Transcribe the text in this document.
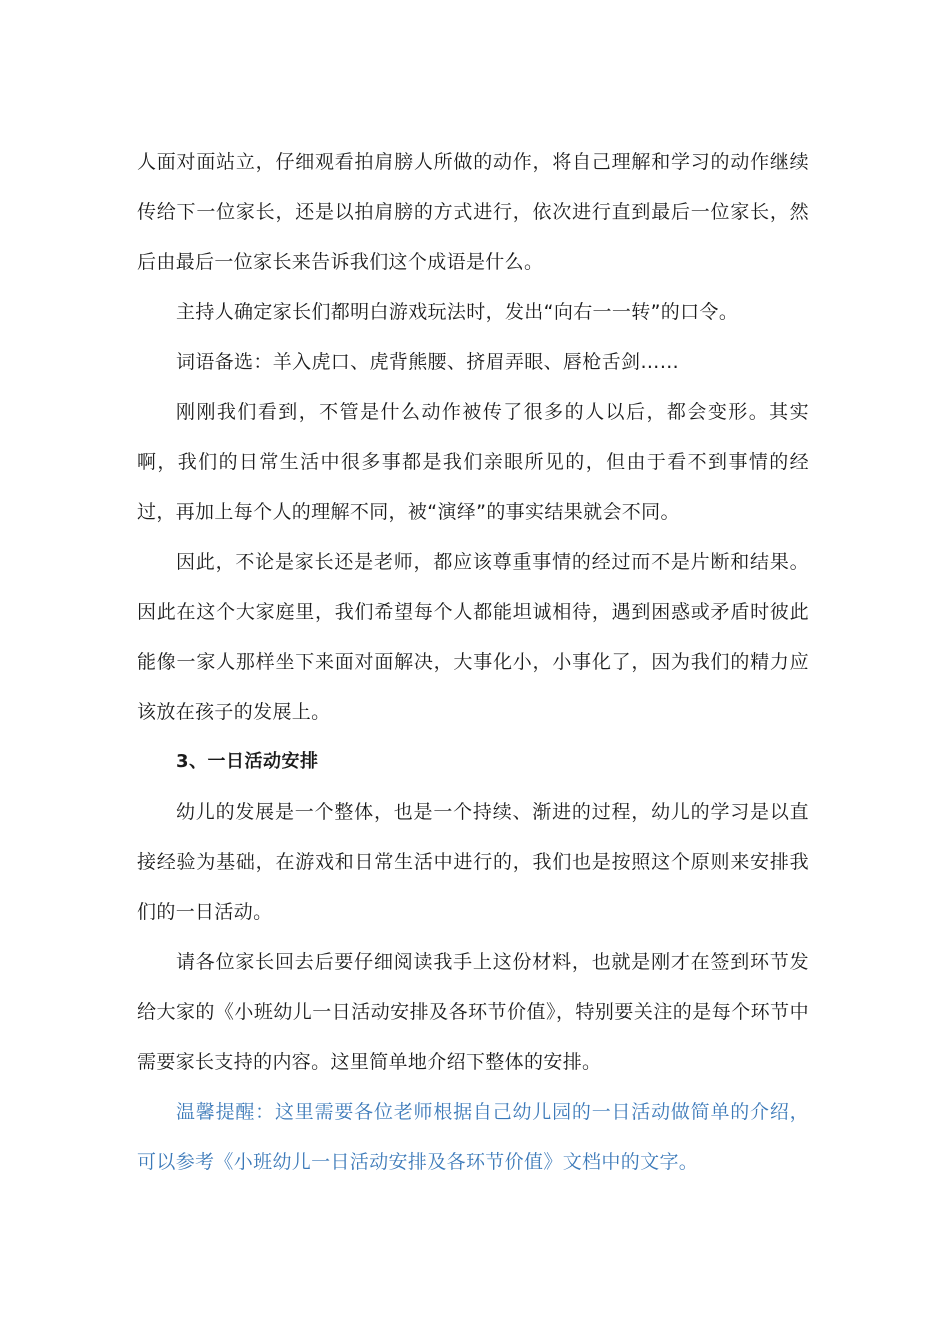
人面对面站立，仔细观看拍肩膀人所做的动作，将自己理解和学习的动作继续传给下一位家长，还是以拍肩膀的方式进行，依次进行直到最后一位家长，然后由最后一位家长来告诉我们这个成语是什么。

主持人确定家长们都明白游戏玩法时，发出“向右一一转”的口令。

词语备选：羊入虎口、虎背熊腰、挤眉弄眼、唇枪舌剑……

刚刚我们看到，不管是什么动作被传了很多的人以后，都会变形。其实啊，我们的日常生活中很多事都是我们亲眼所见的，但由于看不到事情的经过，再加上每个人的理解不同，被“演绎”的事实结果就会不同。

因此，不论是家长还是老师，都应该尊重事情的经过而不是片断和结果。因此在这个大家庭里，我们希望每个人都能坦诚相待，遇到困惑或矛盾时彼此能像一家人那样坐下来面对面解决，大事化小，小事化了，因为我们的精力应该放在孩子的发展上。

3、一日活动安排

幼儿的发展是一个整体，也是一个持续、渐进的过程，幼儿的学习是以直接经验为基础，在游戏和日常生活中进行的，我们也是按照这个原则来安排我们的一日活动。

请各位家长回去后要仔细阅读我手上这份材料，也就是刚才在签到环节发给大家的《小班幼儿一日活动安排及各环节价值》，特别要关注的是每个环节中需要家长支持的内容。这里简单地介绍下整体的安排。

温馨提醒：这里需要各位老师根据自己幼儿园的一日活动做简单的介绍，可以参考《小班幼儿一日活动安排及各环节价值》文档中的文字。
